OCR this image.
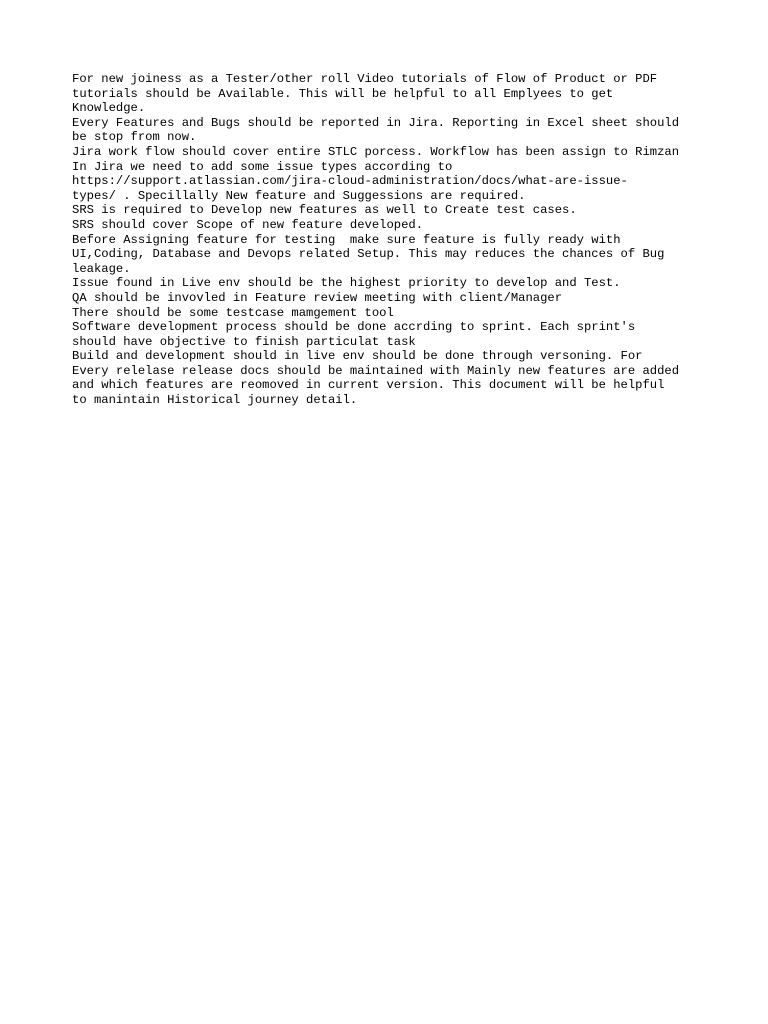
For new joiness as a Tester/other roll Video tutorials of Flow of Product or PDF

tutorials should be Available. This will be helpful to all Emplyees to get

Knowledge.

Every Features and Bugs should be reported in Jira. Reporting in Excel sheet should

be stop from now.

Jira work flow should cover entire STLC porcess. Workflow has been assign to Rimzan

In Jira we need to add some issue types according to

https://support.atlassian.com/jira-cloud-administration/docs/what-are-issue-

types/ . Specillally New feature and Suggessions are required.

SRS is required to Develop new features as well to Create test cases.

SRS should cover Scope of new feature developed.

Before Assigning feature for testing  make sure feature is fully ready with

UI,Coding, Database and Devops related Setup. This may reduces the chances of Bug

leakage.

Issue found in Live env should be the highest priority to develop and Test.

QA should be invovled in Feature review meeting with client/Manager

There should be some testcase mamgement tool

Software development process should be done accrding to sprint. Each sprint's

should have objective to finish particulat task

Build and development should in live env should be done through versoning. For

Every relelase release docs should be maintained with Mainly new features are added

and which features are reomoved in current version. This document will be helpful

to manintain Historical journey detail.
